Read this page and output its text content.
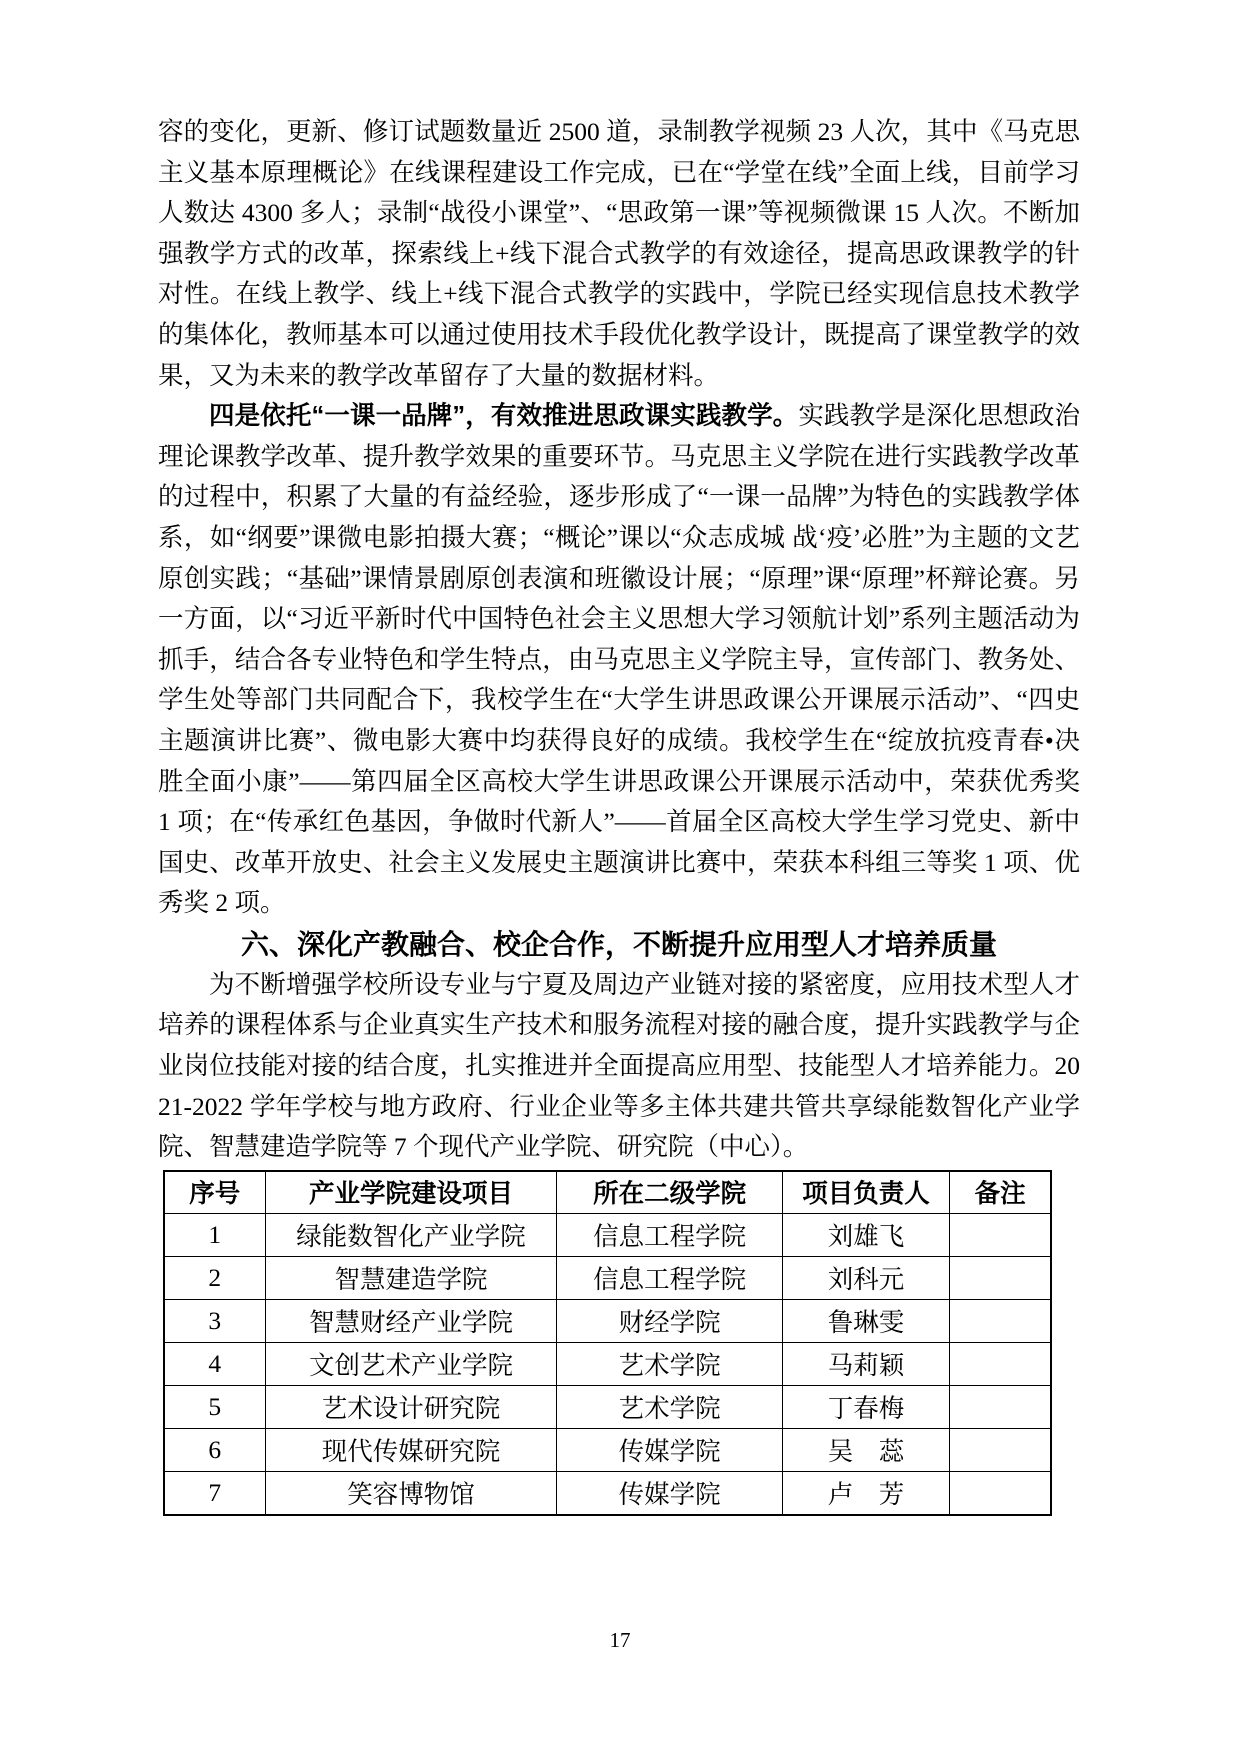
容的变化，更新、修订试题数量近 2500 道，录制教学视频 23 人次，其中《马克思主义基本原理概论》在线课程建设工作完成，已在“学堂在线”全面上线，目前学习人数达 4300 多人；录制“战役小课堂”、“思政第一课”等视频微课 15 人次。不断加强教学方式的改革，探索线上+线下混合式教学的有效途径，提高思政课教学的针对性。在线上教学、线上+线下混合式教学的实践中，学院已经实现信息技术教学的集体化，教师基本可以通过使用技术手段优化教学设计，既提高了课堂教学的效果，又为未来的教学改革留存了大量的数据材料。

四是依托“一课一品牌”，有效推进思政课实践教学。实践教学是深化思想政治理论课教学改革、提升教学效果的重要环节。马克思主义学院在进行实践教学改革的过程中，积累了大量的有益经验，逐步形成了“一课一品牌”为特色的实践教学体系，如“纲要”课微电影拍摄大赛；“概论”课以“众志成城 战‘疫’必胜”为主题的文艺原创实践；“基础”课情景剧原创表演和班徽设计展；“原理”课“原理”杯辩论赛。另一方面，以“习近平新时代中国特色社会主义思想大学习领航计划”系列主题活动为抓手，结合各专业特色和学生特点，由马克思主义学院主导，宣传部门、教务处、学生处等部门共同配合下，我校学生在“大学生讲思政课公开课展示活动”、“四史主题演讲比赛”、微电影大赛中均获得良好的成绩。我校学生在“绽放抗疫青春•决胜全面小康”——第四届全区高校大学生讲思政课公开课展示活动中，荣获优秀奖 1 项；在“传承红色基因，争做时代新人”——首届全区高校大学生学习党史、新中国史、改革开放史、社会主义发展史主题演讲比赛中，荣获本科组三等奖 1 项、优秀奖 2 项。

六、深化产教融合、校企合作，不断提升应用型人才培养质量

为不断增强学校所设专业与宁夏及周边产业链对接的紧密度，应用技术型人才培养的课程体系与企业真实生产技术和服务流程对接的融合度，提升实践教学与企业岗位技能对接的结合度，扎实推进并全面提高应用型、技能型人才培养能力。2021-2022 学年学校与地方政府、行业企业等多主体共建共管共享绿能数智化产业学院、智慧建造学院等 7 个现代产业学院、研究院（中心）。

序号	产业学院建设项目	所在二级学院	项目负责人	备注
1	绿能数智化产业学院	信息工程学院	刘雄飞	
2	智慧建造学院	信息工程学院	刘科元	
3	智慧财经产业学院	财经学院	鲁琳雯	
4	文创艺术产业学院	艺术学院	马莉颖	
5	艺术设计研究院	艺术学院	丁春梅	
6	现代传媒研究院	传媒学院	吴　蕊	
7	笑容博物馆	传媒学院	卢　芳	
17
